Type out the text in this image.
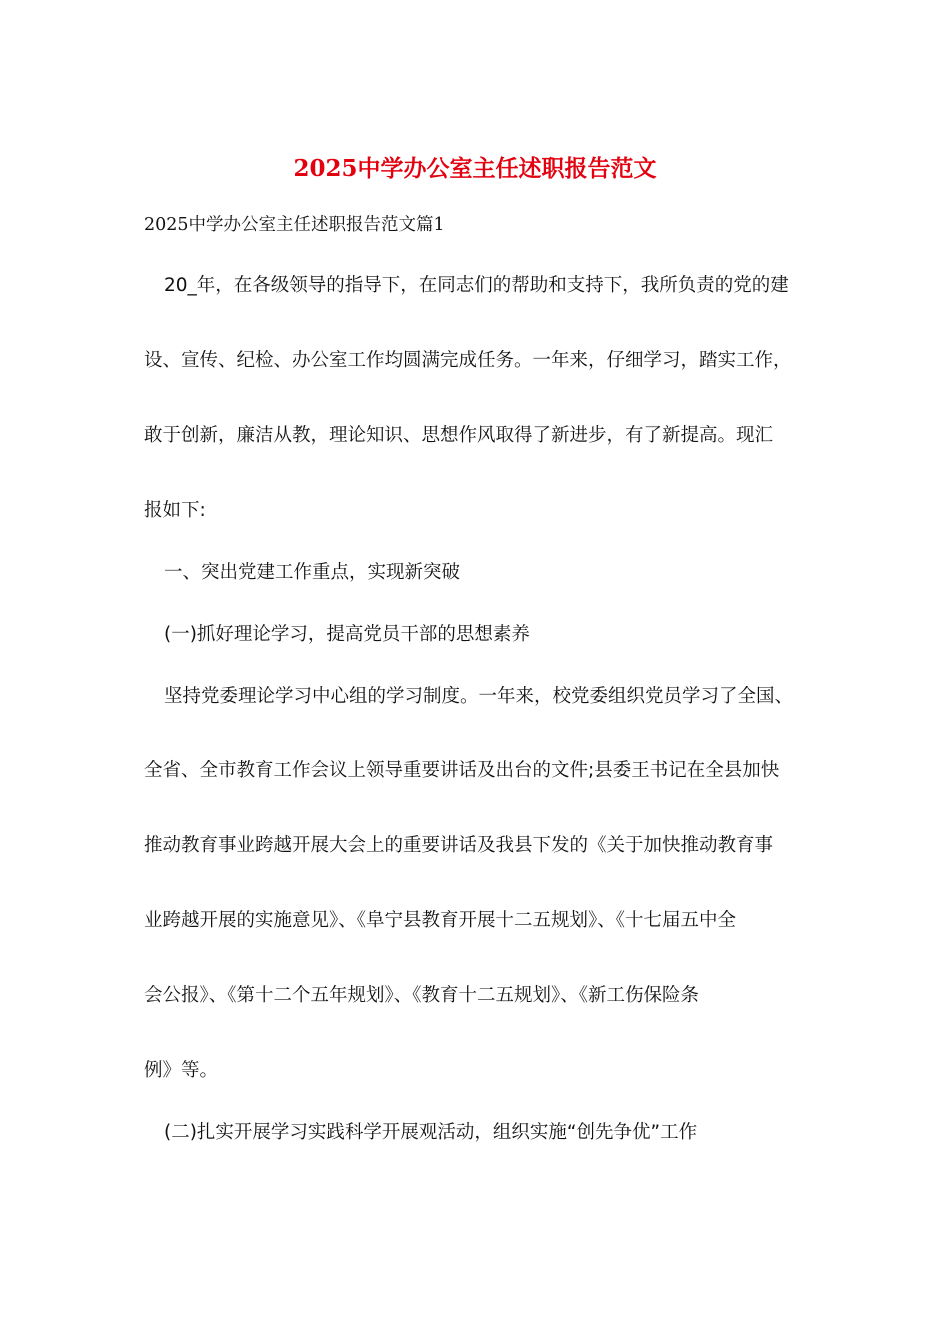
2025中学办公室主任述职报告范文
2025中学办公室主任述职报告范文篇1
20_年，在各级领导的指导下，在同志们的帮助和支持下，我所负责的党的建
设、宣传、纪检、办公室工作均圆满完成任务。一年来，仔细学习，踏实工作，
敢于创新，廉洁从教，理论知识、思想作风取得了新进步，有了新提高。现汇
报如下:
一、突出党建工作重点，实现新突破
(一)抓好理论学习，提高党员干部的思想素养
坚持党委理论学习中心组的学习制度。一年来，校党委组织党员学习了全国、
全省、全市教育工作会议上领导重要讲话及出台的文件;县委王书记在全县加快
推动教育事业跨越开展大会上的重要讲话及我县下发的《关于加快推动教育事
业跨越开展的实施意见》、《阜宁县教育开展十二五规划》、《十七届五中全
会公报》、《第十二个五年规划》、《教育十二五规划》、《新工伤保险条
例》等。
(二)扎实开展学习实践科学开展观活动，组织实施“创先争优”工作
